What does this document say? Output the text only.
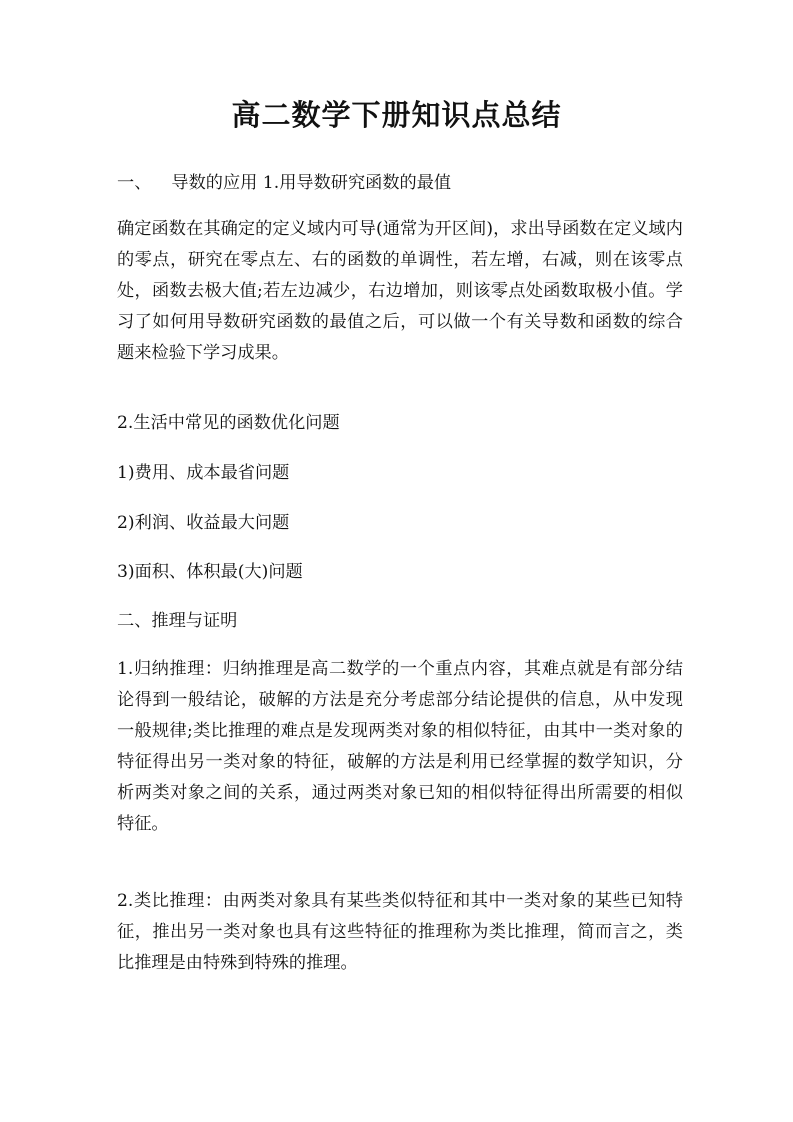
高二数学下册知识点总结

一、 导数的应用 1.用导数研究函数的最值

确定函数在其确定的定义域内可导(通常为开区间)，求出导函数在定义域内的零点，研究在零点左、右的函数的单调性，若左增，右减，则在该零点处，函数去极大值;若左边减少，右边增加，则该零点处函数取极小值。学习了如何用导数研究函数的最值之后，可以做一个有关导数和函数的综合题来检验下学习成果。

2.生活中常见的函数优化问题

1)费用、成本最省问题

2)利润、收益最大问题

3)面积、体积最(大)问题

二、推理与证明

1.归纳推理：归纳推理是高二数学的一个重点内容，其难点就是有部分结论得到一般结论，破解的方法是充分考虑部分结论提供的信息，从中发现一般规律;类比推理的难点是发现两类对象的相似特征，由其中一类对象的特征得出另一类对象的特征，破解的方法是利用已经掌握的数学知识，分析两类对象之间的关系，通过两类对象已知的相似特征得出所需要的相似特征。

2.类比推理：由两类对象具有某些类似特征和其中一类对象的某些已知特征，推出另一类对象也具有这些特征的推理称为类比推理，简而言之，类比推理是由特殊到特殊的推理。
